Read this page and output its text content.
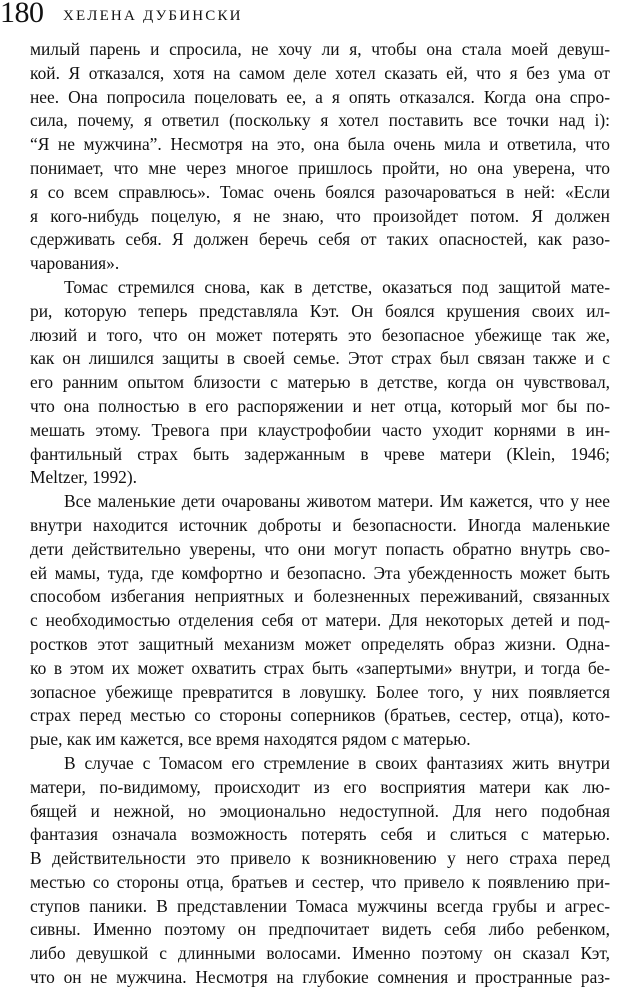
180 ХЕЛЕНА ДУБИНСКИ
милый парень и спросила, не хочу ли я, чтобы она стала моей девуш-
кой. Я отказался, хотя на самом деле хотел сказать ей, что я без ума от
нее. Она попросила поцеловать ее, а я опять отказался. Когда она спро-
сила, почему, я ответил (поскольку я хотел поставить все точки над i):
“Я не мужчина”. Несмотря на это, она была очень мила и ответила, что
понимает, что мне через многое пришлось пройти, но она уверена, что
я со всем справлюсь». Томас очень боялся разочароваться в ней: «Если
я кого-нибудь поцелую, я не знаю, что произойдет потом. Я должен
сдерживать себя. Я должен беречь себя от таких опасностей, как разо-
чарования».
Томас стремился снова, как в детстве, оказаться под защитой мате-
ри, которую теперь представляла Кэт. Он боялся крушения своих ил-
люзий и того, что он может потерять это безопасное убежище так же,
как он лишился защиты в своей семье. Этот страх был связан также и с
его ранним опытом близости с матерью в детстве, когда он чувствовал,
что она полностью в его распоряжении и нет отца, который мог бы по-
мешать этому. Тревога при клаустрофобии часто уходит корнями в ин-
фантильный страх быть задержанным в чреве матери (Klein, 1946;
Meltzer, 1992).
Все маленькие дети очарованы животом матери. Им кажется, что у нее
внутри находится источник доброты и безопасности. Иногда маленькие
дети действительно уверены, что они могут попасть обратно внутрь сво-
ей мамы, туда, где комфортно и безопасно. Эта убежденность может быть
способом избегания неприятных и болезненных переживаний, связанных
с необходимостью отделения себя от матери. Для некоторых детей и под-
ростков этот защитный механизм может определять образ жизни. Одна-
ко в этом их может охватить страх быть «запертыми» внутри, и тогда бе-
зопасное убежище превратится в ловушку. Более того, у них появляется
страх перед местью со стороны соперников (братьев, сестер, отца), кото-
рые, как им кажется, все время находятся рядом с матерью.
В случае с Томасом его стремление в своих фантазиях жить внутри
матери, по-видимому, происходит из его восприятия матери как лю-
бящей и нежной, но эмоционально недоступной. Для него подобная
фантазия означала возможность потерять себя и слиться с матерью.
В действительности это привело к возникновению у него страха перед
местью со стороны отца, братьев и сестер, что привело к появлению при-
ступов паники. В представлении Томаса мужчины всегда грубы и агрес-
сивны. Именно поэтому он предпочитает видеть себя либо ребенком,
либо девушкой с длинными волосами. Именно поэтому он сказал Кэт,
что он не мужчина. Несмотря на глубокие сомнения и пространные раз-
